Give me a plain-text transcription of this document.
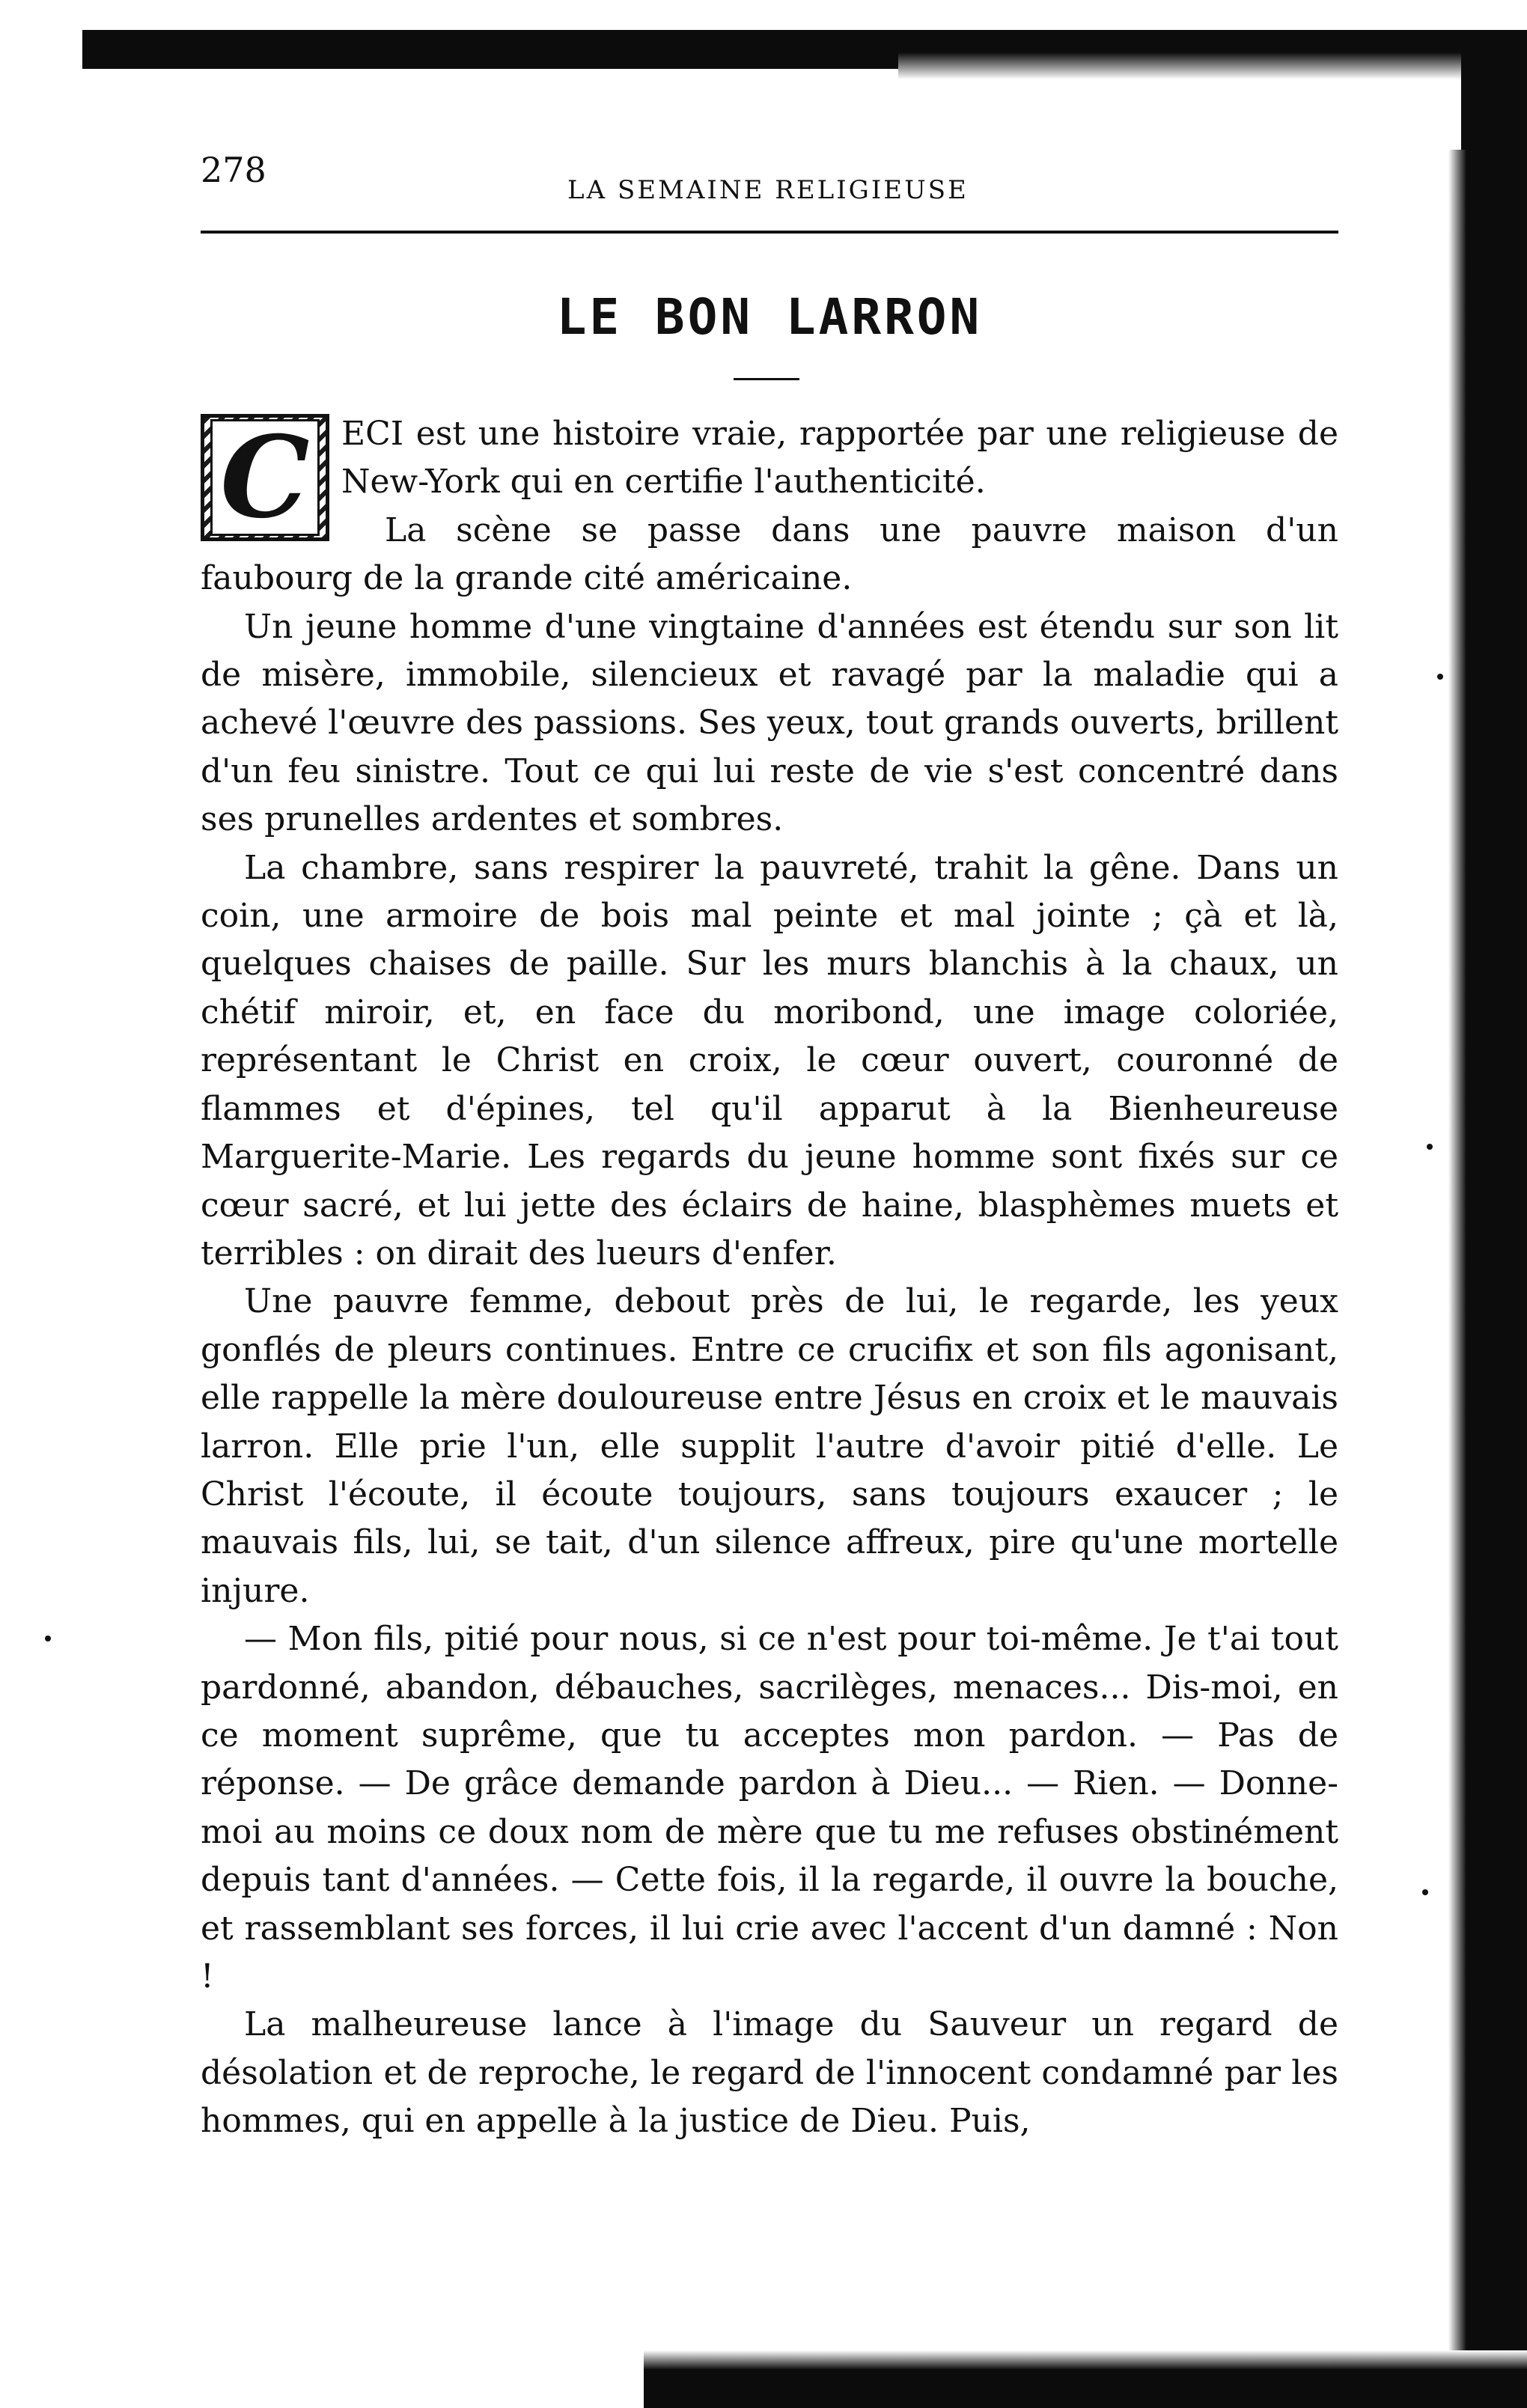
278	LA SEMAINE RELIGIEUSE
LE BON LARRON
C ECI est une histoire vraie, rapportée par une religieuse de New-York qui en certifie l'authenticité.

La scène se passe dans une pauvre maison d'un faubourg de la grande cité américaine.

Un jeune homme d'une vingtaine d'années est étendu sur son lit de misère, immobile, silencieux et ravagé par la maladie qui a achevé l'œuvre des passions. Ses yeux, tout grands ouverts, brillent d'un feu sinistre. Tout ce qui lui reste de vie s'est concentré dans ses prunelles ardentes et sombres.

La chambre, sans respirer la pauvreté, trahit la gêne. Dans un coin, une armoire de bois mal peinte et mal jointe ; çà et là, quelques chaises de paille. Sur les murs blanchis à la chaux, un chétif miroir, et, en face du moribond, une image coloriée, représentant le Christ en croix, le cœur ouvert, couronné de flammes et d'épines, tel qu'il apparut à la Bienheureuse Marguerite-Marie. Les regards du jeune homme sont fixés sur ce cœur sacré, et lui jette des éclairs de haine, blasphèmes muets et terribles : on dirait des lueurs d'enfer.

Une pauvre femme, debout près de lui, le regarde, les yeux gonflés de pleurs continues. Entre ce crucifix et son fils agonisant, elle rappelle la mère douloureuse entre Jésus en croix et le mauvais larron. Elle prie l'un, elle supplit l'autre d'avoir pitié d'elle. Le Christ l'écoute, il écoute toujours, sans toujours exaucer ; le mauvais fils, lui, se tait, d'un silence affreux, pire qu'une mortelle injure.

— Mon fils, pitié pour nous, si ce n'est pour toi-même. Je t'ai tout pardonné, abandon, débauches, sacrilèges, menaces... Dis-moi, en ce moment suprême, que tu acceptes mon pardon. — Pas de réponse. — De grâce demande pardon à Dieu... — Rien. — Donne-moi au moins ce doux nom de mère que tu me refuses obstinément depuis tant d'années. — Cette fois, il la regarde, il ouvre la bouche, et rassemblant ses forces, il lui crie avec l'accent d'un damné : Non !

La malheureuse lance à l'image du Sauveur un regard de désolation et de reproche, le regard de l'innocent condamné par les hommes, qui en appelle à la justice de Dieu. Puis,
